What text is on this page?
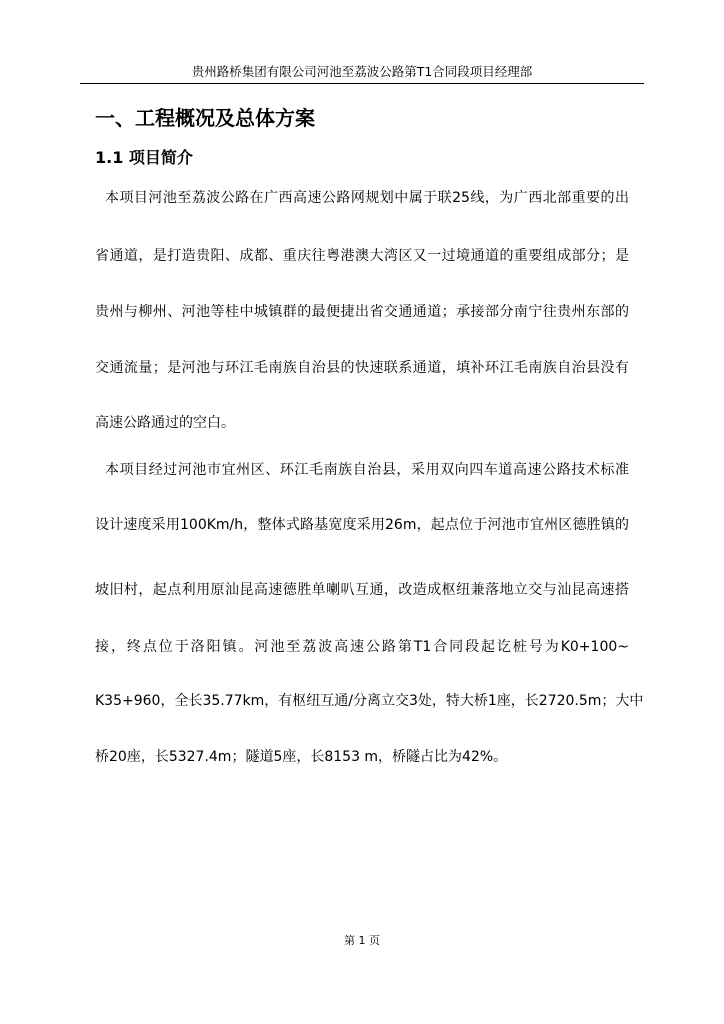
贵州路桥集团有限公司河池至荔波公路第T1合同段项目经理部
一、工程概况及总体方案
1.1 项目简介
本项目河池至荔波公路在广西高速公路网规划中属于联25线，为广西北部重要的出
省通道，是打造贵阳、成都、重庆往粤港澳大湾区又一过境通道的重要组成部分；是
贵州与柳州、河池等桂中城镇群的最便捷出省交通通道；承接部分南宁往贵州东部的
交通流量；是河池与环江毛南族自治县的快速联系通道，填补环江毛南族自治县没有
高速公路通过的空白。
本项目经过河池市宜州区、环江毛南族自治县，采用双向四车道高速公路技术标准
设计速度采用100Km/h，整体式路基宽度采用26m，起点位于河池市宜州区德胜镇的
坡旧村，起点利用原汕昆高速德胜单喇叭互通，改造成枢纽兼落地立交与汕昆高速搭
接，终点位于洛阳镇。河池至荔波高速公路第T1合同段起讫桩号为K0+100~
K35+960，全长35.77km，有枢纽互通/分离立交3处，特大桥1座，长2720.5m；大中
桥20座，长5327.4m；隧道5座，长8153 m，桥隧占比为42%。
第 1 页
